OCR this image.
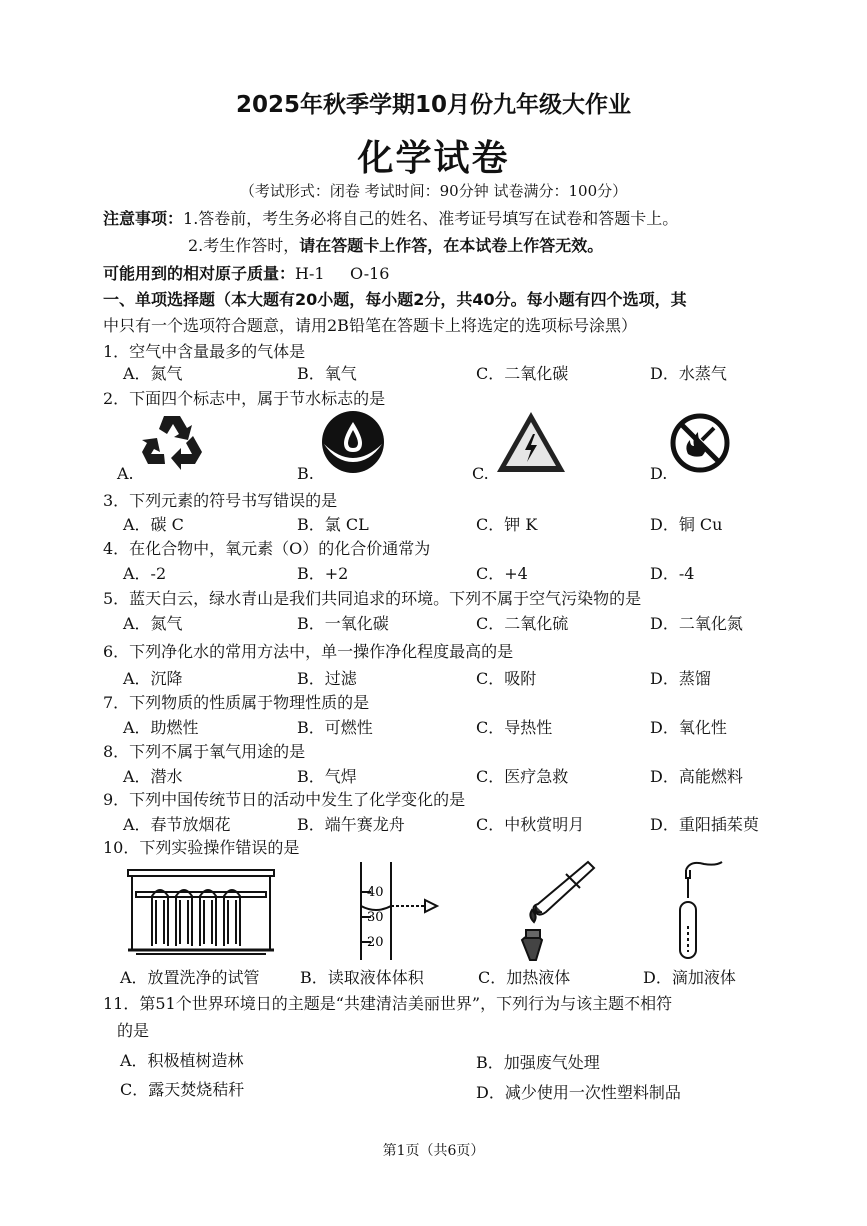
2025年秋季学期10月份九年级大作业
化学试卷
（考试形式：闭卷 考试时间：90分钟 试卷满分：100分）
注意事项：1.答卷前，考生务必将自己的姓名、准考证号填写在试卷和答题卡上。
2.考生作答时，请在答题卡上作答，在本试卷上作答无效。
可能用到的相对原子质量：H-1     O-16
一、单项选择题（本大题有20小题，每小题2分，共40分。每小题有四个选项，其
中只有一个选项符合题意，请用2B铅笔在答题卡上将选定的选项标号涂黑）
1．空气中含量最多的气体是
A．氮气	B．氧气	C．二氧化碳	D．水蒸气
2．下面四个标志中，属于节水标志的是
A.	B.	C.	D.
3．下列元素的符号书写错误的是
A．碳 C	B．氯 CL	C．钾 K	D．铜 Cu
4．在化合物中，氧元素（O）的化合价通常为
A．-2	B．+2	C．+4	D．-4
5．蓝天白云，绿水青山是我们共同追求的环境。下列不属于空气污染物的是
A．氮气	B．一氧化碳	C．二氧化硫	D．二氧化氮
6．下列净化水的常用方法中，单一操作净化程度最高的是
A．沉降	B．过滤	C．吸附	D．蒸馏
7．下列物质的性质属于物理性质的是
A．助燃性	B．可燃性	C．导热性	D．氧化性
8．下列不属于氧气用途的是
A．潜水	B．气焊	C．医疗急救	D．高能燃料
9．下列中国传统节日的活动中发生了化学变化的是
A．春节放烟花	B．端午赛龙舟	C．中秋赏明月	D．重阳插茱萸
10．下列实验操作错误的是
40
30
20
A．放置洗净的试管	B．读取液体体积	C．加热液体	D．滴加液体
11．第51个世界环境日的主题是“共建清洁美丽世界”，下列行为与该主题不相符
的是
A．积极植树造林	B．加强废气处理
C．露天焚烧秸秆	D．减少使用一次性塑料制品
第1页（共6页）
